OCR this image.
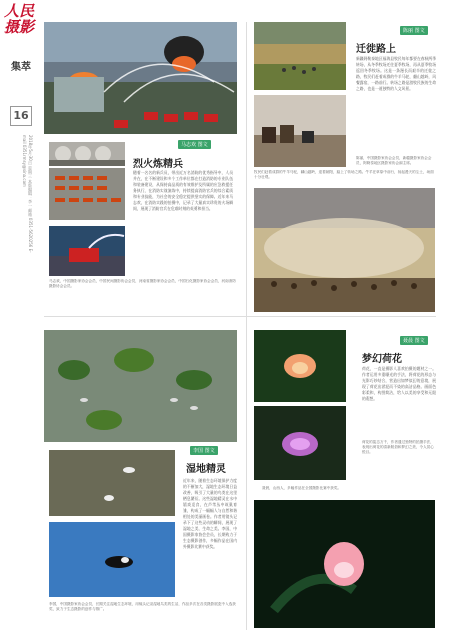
人民
摄影
集萃
16
2018年5月30日 星期三 本版编辑：李一 邮箱 0351-5620256 E-mail 0351rmsy@sina.com	马志欢 图文
烈火炼精兵
随着一名名的新兵员，带出近万名消防的优秀指导中，人员并在，在不断建设和多个工作单位都在打造消防的专业队伍和装备建设，从保持高品质的有效维护及所属的应急救援任务执行，在消防实战演练中，持续提高消防官兵的综合素质和专业技能，为社会的安全稳定提供坚实的保障。近年来马志欢，在消防实践的拍摄中，记录了大量真实珍贵的火场瞬间，展现了消防官兵在危难时刻的英勇和担当。
马志欢，中国摄影家协会会员，中国民间摄影协会会员，河南省摄影家协会会员，中国石化摄影家协会会员，河南消防摄影协会会员。
陈丽 图文
迁徙路上
新疆阿勒泰地区福海县牧民每年都要在春秋两季转场，从冬季牧场迁往夏季牧场，再从夏季牧场返回冬季牧场。这是一条漫长而艰辛的迁徙之路，牧民们赶着成群的牛羊马驼，翻山越岭，风餐露宿，一路前行。转场之路是游牧民族的生命之路，也是一道独特的人文风景。
牧民们赶着成群的牛羊马驼，翻山越岭，迎着朝阳，踏上了转场之路。牛羊在草原中前行，扬起漫天的尘土，场面十分壮观。
陈丽，中国摄影家协会会员，新疆摄影家协会会员，阿勒泰地区摄影家协会副主席。
李国 图文
湿地精灵
近年来，随着生态环境保护力度的不断加大，湿地生态环境日益改善，吸引了大量的鸟类在这里栖息繁衍。这些湿地精灵在水中嬉戏觅食，在芦苇丛中筑巢育雏，构成了一幅幅人与自然和谐相处的美丽画卷。作者用镜头记录下了这些灵动的瞬间，展现了湿地之美、生命之美。李国，中国摄影家协会会员，长期致力于生态摄影创作，多幅作品在国内外摄影比赛中获奖。
李国，中国摄影家协会会员，长期关注湿地生态环境，用镜头记录湿地鸟类的生活，作品多次在各类摄影展览中入选获奖，致力于生态摄影的创作与推广。
聂晨 图文
梦幻荷花
荷花，一直是摄影人喜欢拍摄的题材之一。作者运用多重曝光的手法，将荷花的形态与光影巧妙结合，营造出如梦似幻的意境，展现了荷花出淤泥而不染的高洁品格。画面色彩柔和，构图简洁，给人以美的享受和无限的遐想。
荷花的姿态万千，作者通过独特的拍摄手法，表现出荷花的清新脱俗和梦幻之美，令人赏心悦目。
聂晨，山西人，多幅作品在全国摄影比赛中获奖。
